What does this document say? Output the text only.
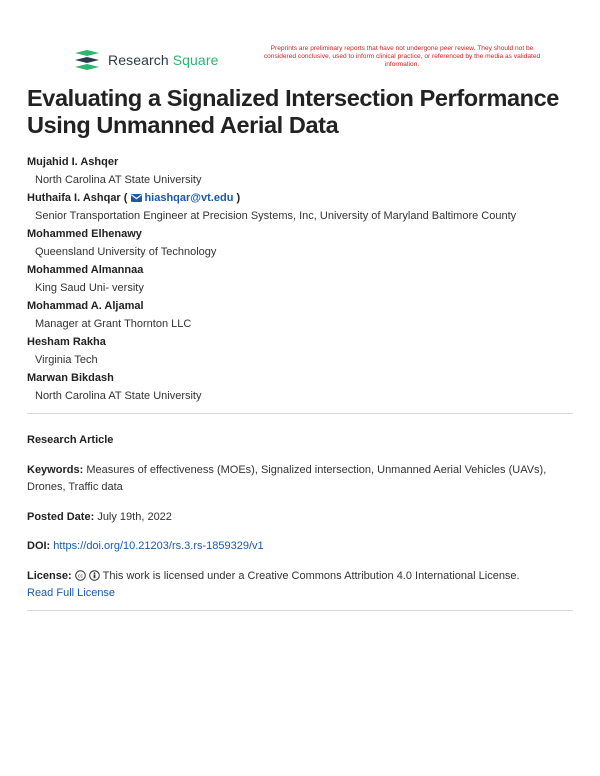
Research Square
Preprints are preliminary reports that have not undergone peer review. They should not be considered conclusive, used to inform clinical practice, or referenced by the media as validated information.
Evaluating a Signalized Intersection Performance Using Unmanned Aerial Data
Mujahid I. Ashqer
North Carolina AT State University
Huthaifa I. Ashqar ( hiashqar@vt.edu )
Senior Transportation Engineer at Precision Systems, Inc, University of Maryland Baltimore County
Mohammed Elhenawy
Queensland University of Technology
Mohammed Almannaa
King Saud Uni- versity
Mohammad A. Aljamal
Manager at Grant Thornton LLC
Hesham Rakha
Virginia Tech
Marwan Bikdash
North Carolina AT State University
Research Article
Keywords: Measures of effectiveness (MOEs), Signalized intersection, Unmanned Aerial Vehicles (UAVs), Drones, Traffic data
Posted Date: July 19th, 2022
DOI: https://doi.org/10.21203/rs.3.rs-1859329/v1
License: cc This work is licensed under a Creative Commons Attribution 4.0 International License.
Read Full License
